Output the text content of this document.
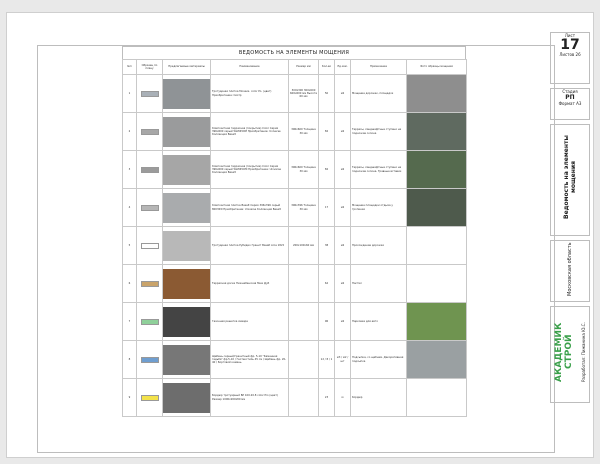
ВЕДОМОСТЬ НА ЭЛЕМЕНТЫ МОЩЕНИЯ
№п	Образец по плану	Предлагаемые материалы	Наименование	Размер мм	Кол-во	Ед.изм.	Примечание	Фото образцы мощения
1			Тротуарная плитка Мозаик. color Ро. (цвет) Приобретение: Сиэтр	300х300 300х600 600х600 мм Высота 60 мм	50	м2	Мощение дорожек, площадок	

2			Композитная террасная (покрытие) Color Серия 396х600 серый 5ШЭ450М Приобретение: Universe Коллекция Basalt	396х600 Толщина 30 мм	82	м2	Террасы, ландшафтные ступени на подножие склона	

3			Композитная террасная (покрытие) Color Серия 396х600 серый 5ШЭ45ОМ Приобретение: Universe Коллекция Basalt	396х600 Толщина 30 мм	82	м2	Террасы, ландшафтные ступени на подножие склона. Травные вставки	

4			Композитная плитка Basalt Серия 396х396 серый 8003Ф0 Приобретение: Universe Коллекция Basalt	396х396 Толщина 30 мм	17	м2	Мощение площадки отдыха у тропинки	

5			Тротуарная плитка Рубидио Гранит Basalt Arce 18х5	200х100х60 мм	38	м2	Прохождение дорожки	

6			Террасная доска Нижнебенская Меж Дуб		62	м2	Настил	

7			Газонная решетка Аквара		96	м2	Парковка для авто	

8			Щебень серный/гранитный фр. 5-10 "Каменная гадьба" фр.5-10 / Геотекстиль 45 см / Щебень фр. 20-40 / Бортовой камень		12 / 8 / 1	м3 / м2 / шт	Подсыпка, со щебнем. Декоративная подсыпка	

9			Бордюр тротуарный БР 100.20.8 color Pro (цвет) Размер 1000х200х80 мм		23	м	бордюр	
Лист
17
Листов 26
Стадия
РП
Формат А3
Ведомость на элементы мощения
Московская область
АКАДЕМИК СТРОЙ Разработал: Пижанина Ю.С.
